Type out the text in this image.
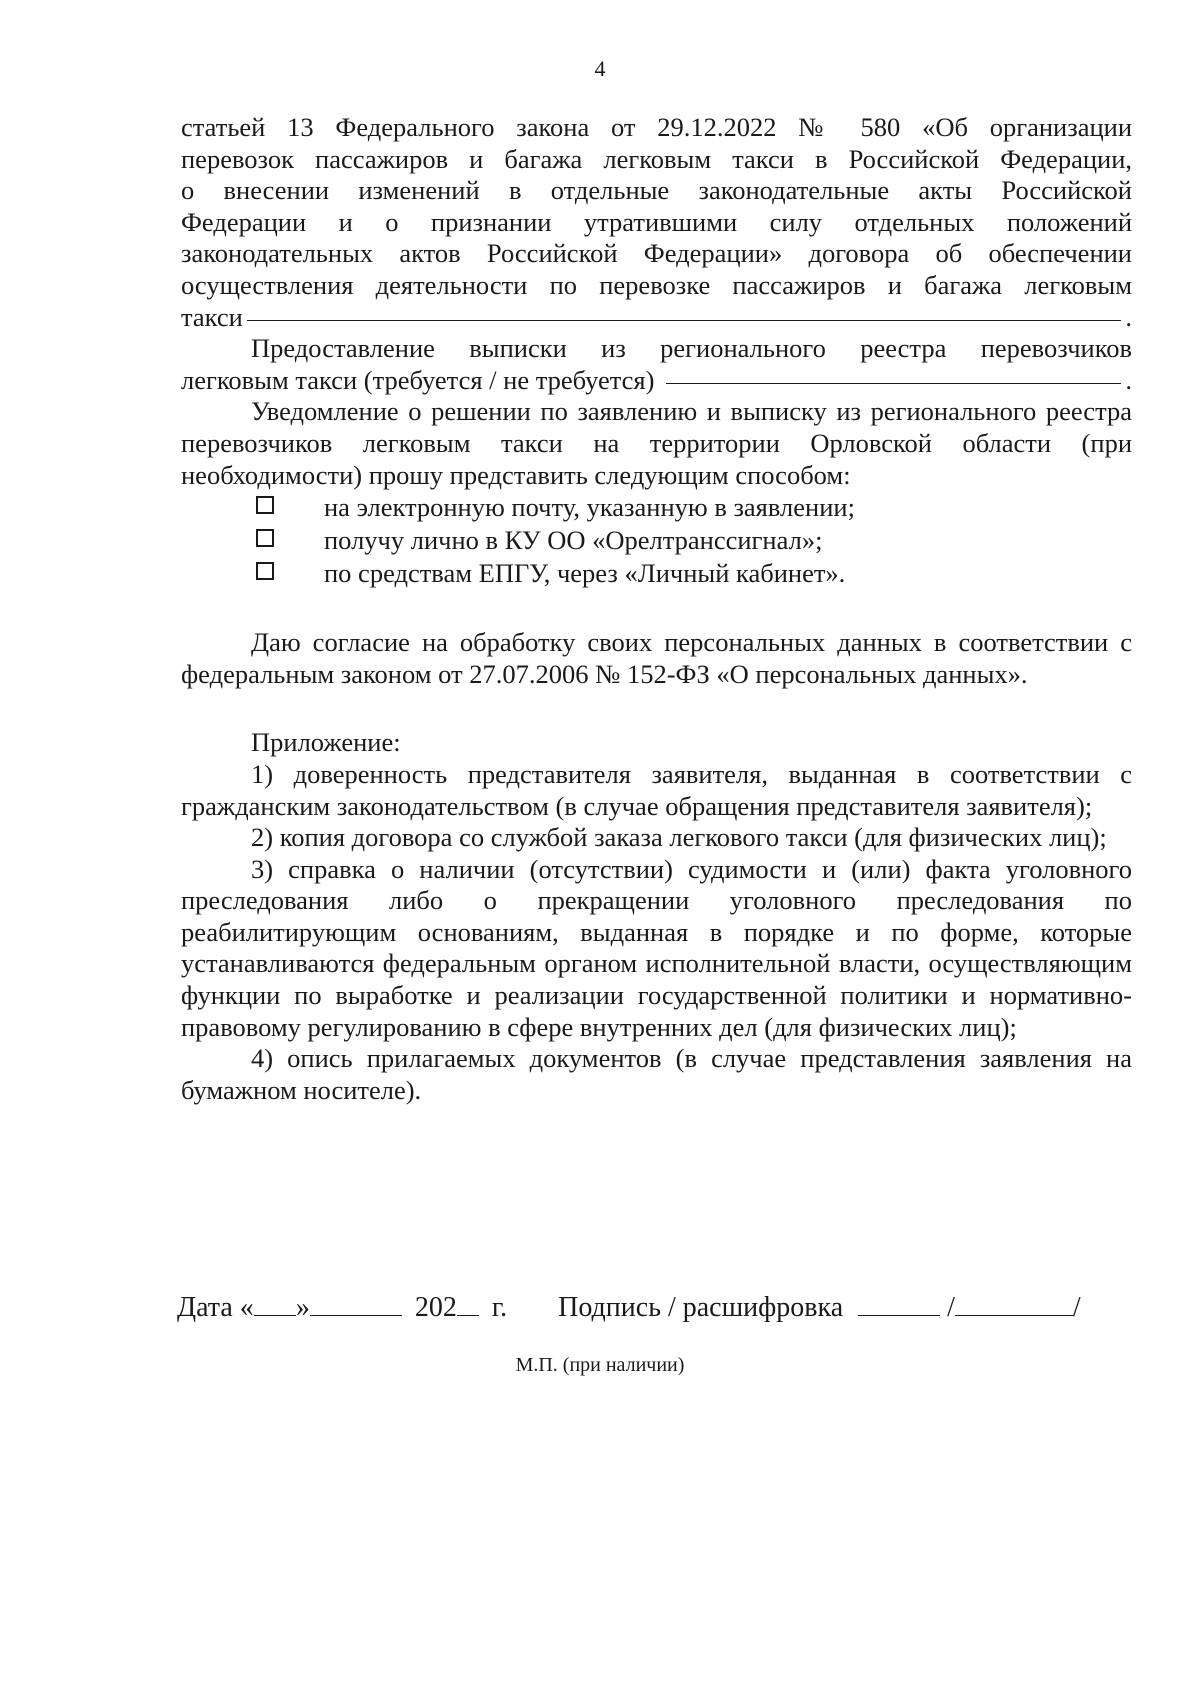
4

статьей 13 Федерального закона от 29.12.2022 № 580 «Об организации

перевозок пассажиров и багажа легковым такси в Российской Федерации,

о внесении изменений в отдельные законодательные акты Российской

Федерации и о признании утратившими силу отдельных положений

законодательных актов Российской Федерации» договора об обеспечении

осуществления деятельности по перевозке пассажиров и багажа легковым

такси	.

Предоставление выписки из регионального реестра перевозчиков

легковым такси (требуется / не требуется)	.

Уведомление о решении по заявлению и выписку из регионального реестра перевозчиков легковым такси на территории Орловской области (при необходимости) прошу представить следующим способом:

на электронную почту, указанную в заявлении;
получу лично в КУ ОО «Орелтранссигнал»;
по средствам ЕПГУ, через «Личный кабинет».

Даю согласие на обработку своих персональных данных в соответствии с федеральным законом от 27.07.2006 № 152-ФЗ «О персональных данных».

Приложение:

1) доверенность представителя заявителя, выданная в соответствии с гражданским законодательством (в случае обращения представителя заявителя);

2) копия договора со службой заказа легкового такси (для физических лиц);

3) справка о наличии (отсутствии) судимости и (или) факта уголовного преследования либо о прекращении уголовного преследования по реабилитирующим основаниям, выданная в порядке и по форме, которые устанавливаются федеральным органом исполнительной власти, осуществляющим функции по выработке и реализации государственной политики и нормативно-правовому регулированию в сфере внутренних дел (для физических лиц);

4) опись прилагаемых документов (в случае представления заявления на бумажном носителе).

Дата « »	202 г. Подпись / расшифровка	/	/
М.П. (при наличии)
